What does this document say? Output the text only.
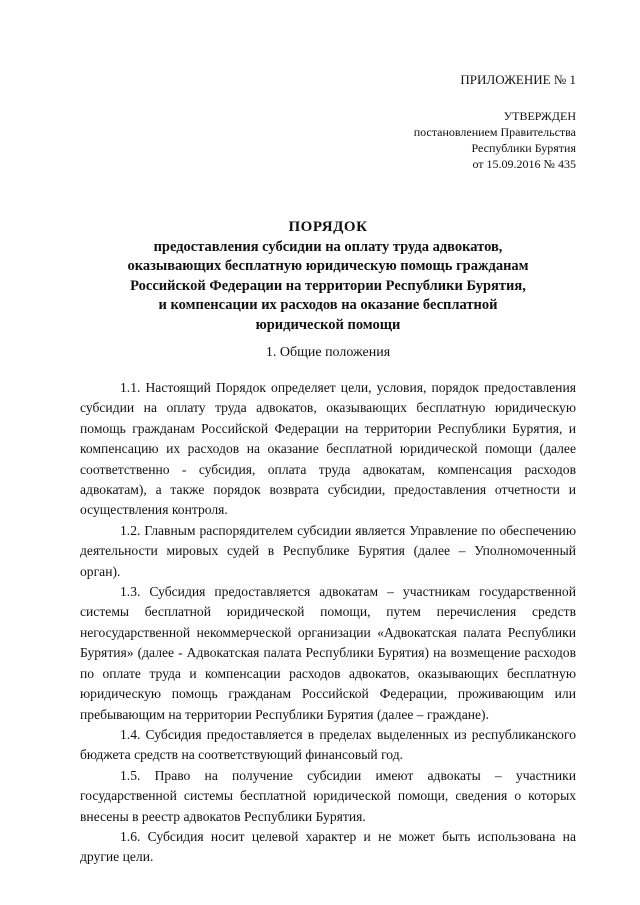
ПРИЛОЖЕНИЕ № 1
УТВЕРЖДЕН
постановлением Правительства
Республики Бурятия
от 15.09.2016 № 435
ПОРЯДОК
предоставления субсидии на оплату труда адвокатов,
оказывающих бесплатную юридическую помощь гражданам
Российской Федерации на территории Республики Бурятия,
и компенсации их расходов на оказание бесплатной
юридической помощи
1. Общие положения

1.1. Настоящий Порядок определяет цели, условия, порядок предоставления субсидии на оплату труда адвокатов, оказывающих бесплатную юридическую помощь гражданам Российской Федерации на территории Республики Бурятия, и компенсацию их расходов на оказание бесплатной юридической помощи (далее соответственно - субсидия, оплата труда адвокатам, компенсация расходов адвокатам), а также порядок возврата субсидии, предоставления отчетности и осуществления контроля.

1.2. Главным распорядителем субсидии является Управление по обеспечению деятельности мировых судей в Республике Бурятия (далее – Уполномоченный орган).

1.3. Субсидия предоставляется адвокатам – участникам государственной системы бесплатной юридической помощи, путем перечисления средств негосударственной некоммерческой организации «Адвокатская палата Республики Бурятия» (далее - Адвокатская палата Республики Бурятия) на возмещение расходов по оплате труда и компенсации расходов адвокатов, оказывающих бесплатную юридическую помощь гражданам Российской Федерации, проживающим или пребывающим на территории Республики Бурятия (далее – граждане).

1.4. Субсидия предоставляется в пределах выделенных из республиканского бюджета средств на соответствующий финансовый год.

1.5. Право на получение субсидии имеют адвокаты – участники государственной системы бесплатной юридической помощи, сведения о которых внесены в реестр адвокатов Республики Бурятия.

1.6. Субсидия носит целевой характер и не может быть использована на другие цели.
